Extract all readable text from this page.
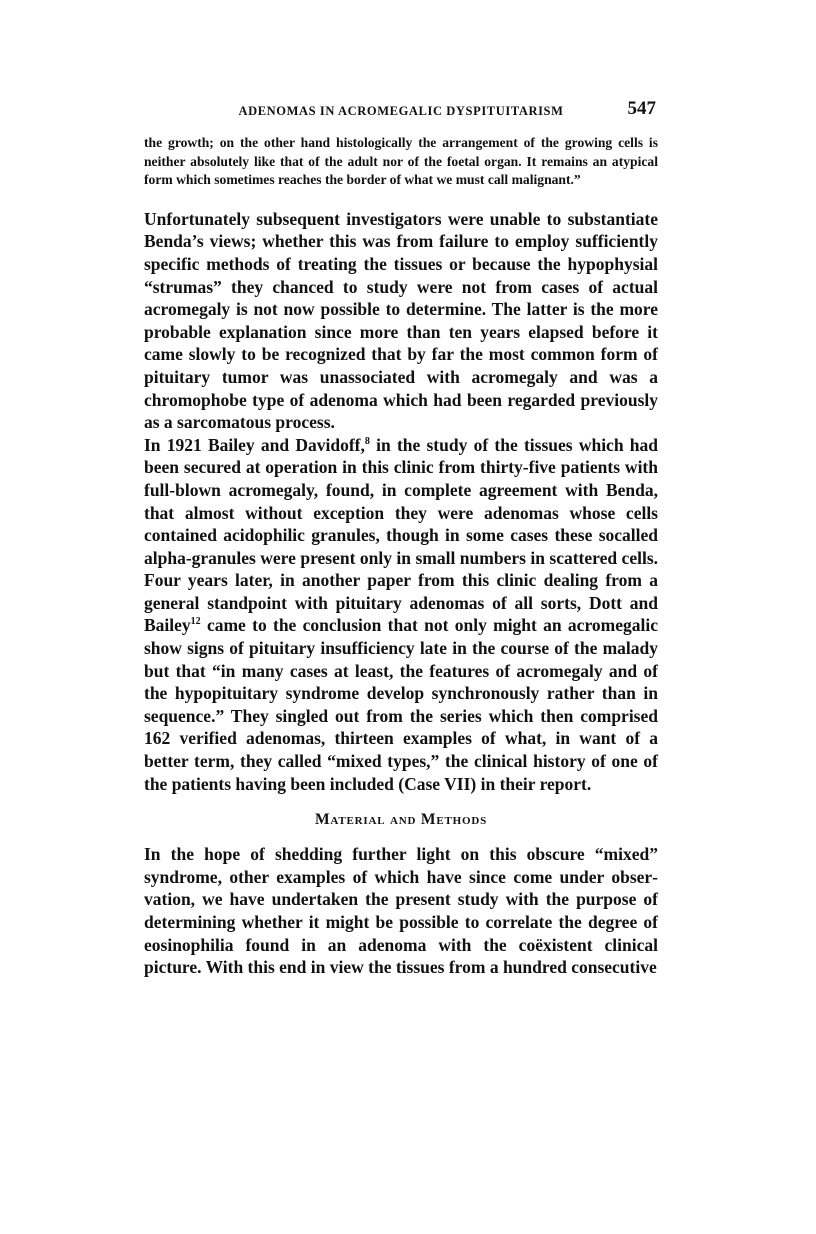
ADENOMAS IN ACROMEGALIC DYSPITUITARISM	547

the growth; on the other hand histologically the arrangement of the growing cells is neither absolutely like that of the adult nor of the foetal organ. It remains an atypical form which sometimes reaches the border of what we must call malignant.”

Unfortunately subsequent investigators were unable to substantiate Benda’s views; whether this was from failure to employ sufficiently specific methods of treating the tissues or because the hypophysial “strumas” they chanced to study were not from cases of actual acromegaly is not now possible to determine. The latter is the more probable explanation since more than ten years elapsed before it came slowly to be recognized that by far the most common form of pituitary tumor was unassociated with acromegaly and was a chromophobe type of adenoma which had been regarded previously as a sarcomatous process.

In 1921 Bailey and Davidoff,$^8$ in the study of the tissues which had been secured at operation in this clinic from thirty-five patients with full-blown acromegaly, found, in complete agreement with Benda, that almost without exception they were adenomas whose cells contained acidophilic granules, though in some cases these socalled alpha-granules were present only in small numbers in scattered cells. Four years later, in another paper from this clinic dealing from a general standpoint with pituitary adenomas of all sorts, Dott and Bailey$^{12}$ came to the conclusion that not only might an acromegalic show signs of pituitary insufficiency late in the course of the malady but that “in many cases at least, the features of acromegaly and of the hypopituitary syndrome develop synchronously rather than in sequence.” They singled out from the series which then comprised 162 verified adenomas, thirteen examples of what, in want of a better term, they called “mixed types,” the clinical history of one of the patients having been included (Case VII) in their report.

Material and Methods

In the hope of shedding further light on this obscure “mixed” syndrome, other examples of which have since come under observation, we have undertaken the present study with the purpose of determining whether it might be possible to correlate the degree of eosinophilia found in an adenoma with the coëxistent clinical picture. With this end in view the tissues from a hundred consecutive
